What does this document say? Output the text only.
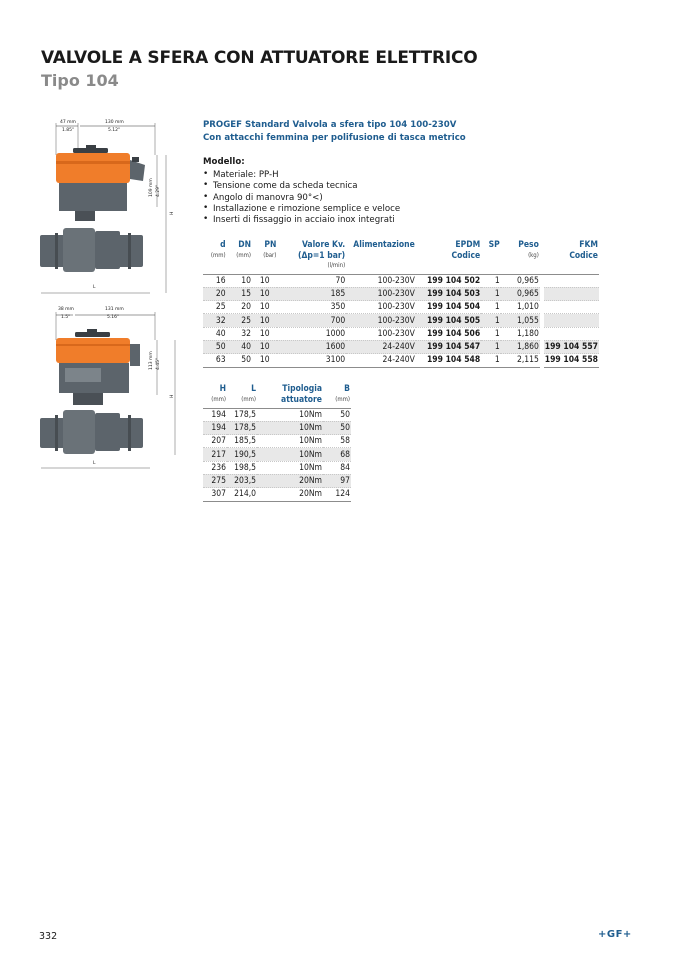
VALVOLE A SFERA CON ATTUATORE ELETTRICO
Tipo 104
47 mm
1.85"
130 mm
5.12"
109 mm 4.29"
H
L
38 mm
1.5"
131 mm
5.16"
113 mm 4.45"
H
L
PROGEF Standard Valvola a sfera tipo 104 100-230V
Con attacchi femmina per polifusione di tasca metrico
Modello:
• Materiale: PP-H
• Tensione come da scheda tecnica
• Angolo di manovra 90°<)
• Installazione e rimozione semplice e veloce
• Inserti di fissaggio in acciaio inox integrati
d
(mm)	DN
(mm)	PN
(bar)	Valore Kv.
(Δp=1 bar)
(l/min)	Alimentazione	EPDM
Codice	SP	Peso
(kg)		FKM
Codice
16	10	10	70	100-230V	199 104 502	1	0,965		
20	15	10	185	100-230V	199 104 503	1	0,965		
25	20	10	350	100-230V	199 104 504	1	1,010		
32	25	10	700	100-230V	199 104 505	1	1,055		
40	32	10	1000	100-230V	199 104 506	1	1,180		
50	40	10	1600	24-240V	199 104 547	1	1,860		199 104 557
63	50	10	3100	24-240V	199 104 548	1	2,115		199 104 558
H
(mm)	L
(mm)	Tipologia
attuatore	B
(mm)

194	178,5	10Nm	50
194	178,5	10Nm	50
207	185,5	10Nm	58
217	190,5	10Nm	68
236	198,5	10Nm	84
275	203,5	20Nm	97
307	214,0	20Nm	124
332	+GF+
